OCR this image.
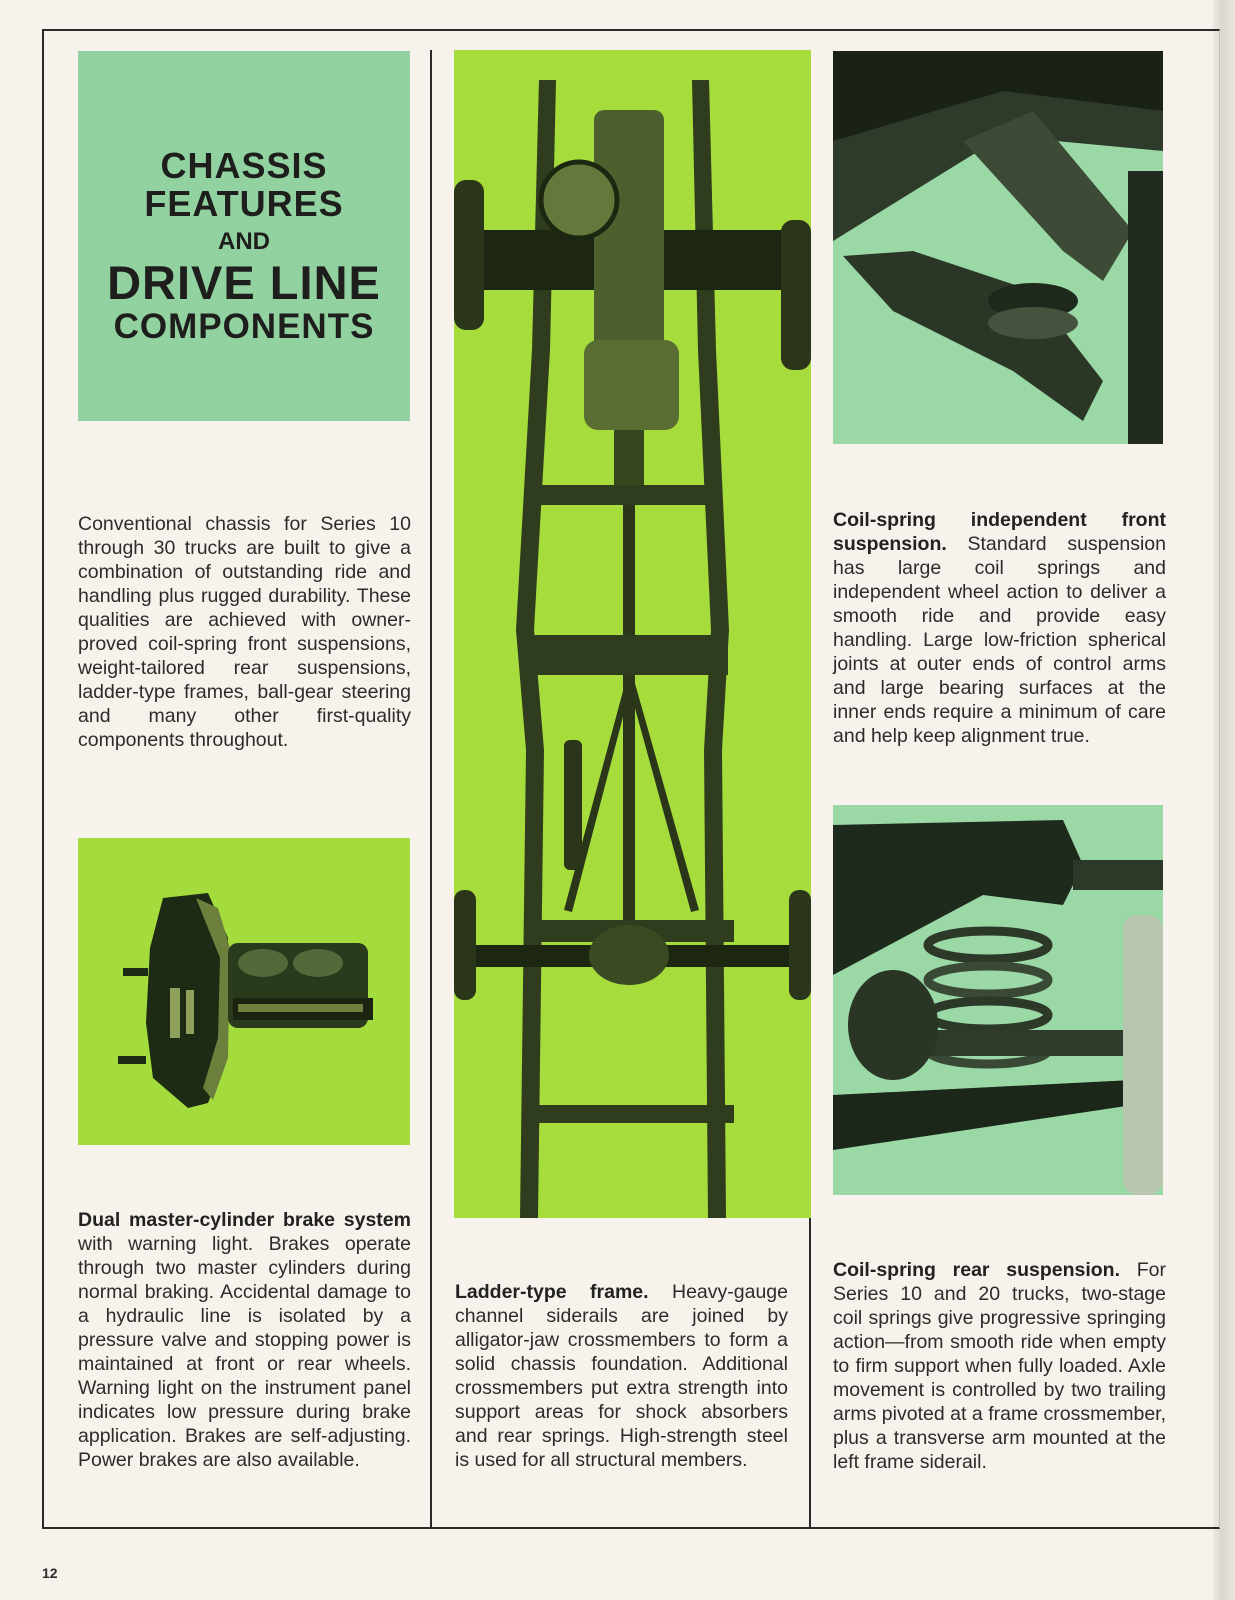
CHASSIS
FEATURES
AND
DRIVE LINE
COMPONENTS
Conventional chassis for Series 10 through 30 trucks are built to give a combination of outstanding ride and handling plus rugged durability. These qualities are achieved with owner-proved coil-spring front suspensions, weight-tailored rear suspensions, ladder-type frames, ball-gear steering and many other first-quality components throughout.
Dual master-cylinder brake system with warning light. Brakes operate through two master cylinders during normal braking. Accidental damage to a hydraulic line is isolated by a pressure valve and stopping power is maintained at front or rear wheels. Warning light on the instrument panel indicates low pressure during brake application. Brakes are self-adjusting. Power brakes are also available.
Ladder-type frame. Heavy-gauge channel siderails are joined by alligator-jaw crossmembers to form a solid chassis foundation. Additional crossmembers put extra strength into support areas for shock absorbers and rear springs. High-strength steel is used for all structural members.
Coil-spring independent front suspension. Standard suspension has large coil springs and independent wheel action to deliver a smooth ride and provide easy handling. Large low-friction spherical joints at outer ends of control arms and large bearing surfaces at the inner ends require a minimum of care and help keep alignment true.
Coil-spring rear suspension. For Series 10 and 20 trucks, two-stage coil springs give progressive springing action—from smooth ride when empty to firm support when fully loaded. Axle movement is controlled by two trailing arms pivoted at a frame crossmember, plus a transverse arm mounted at the left frame siderail.
12
